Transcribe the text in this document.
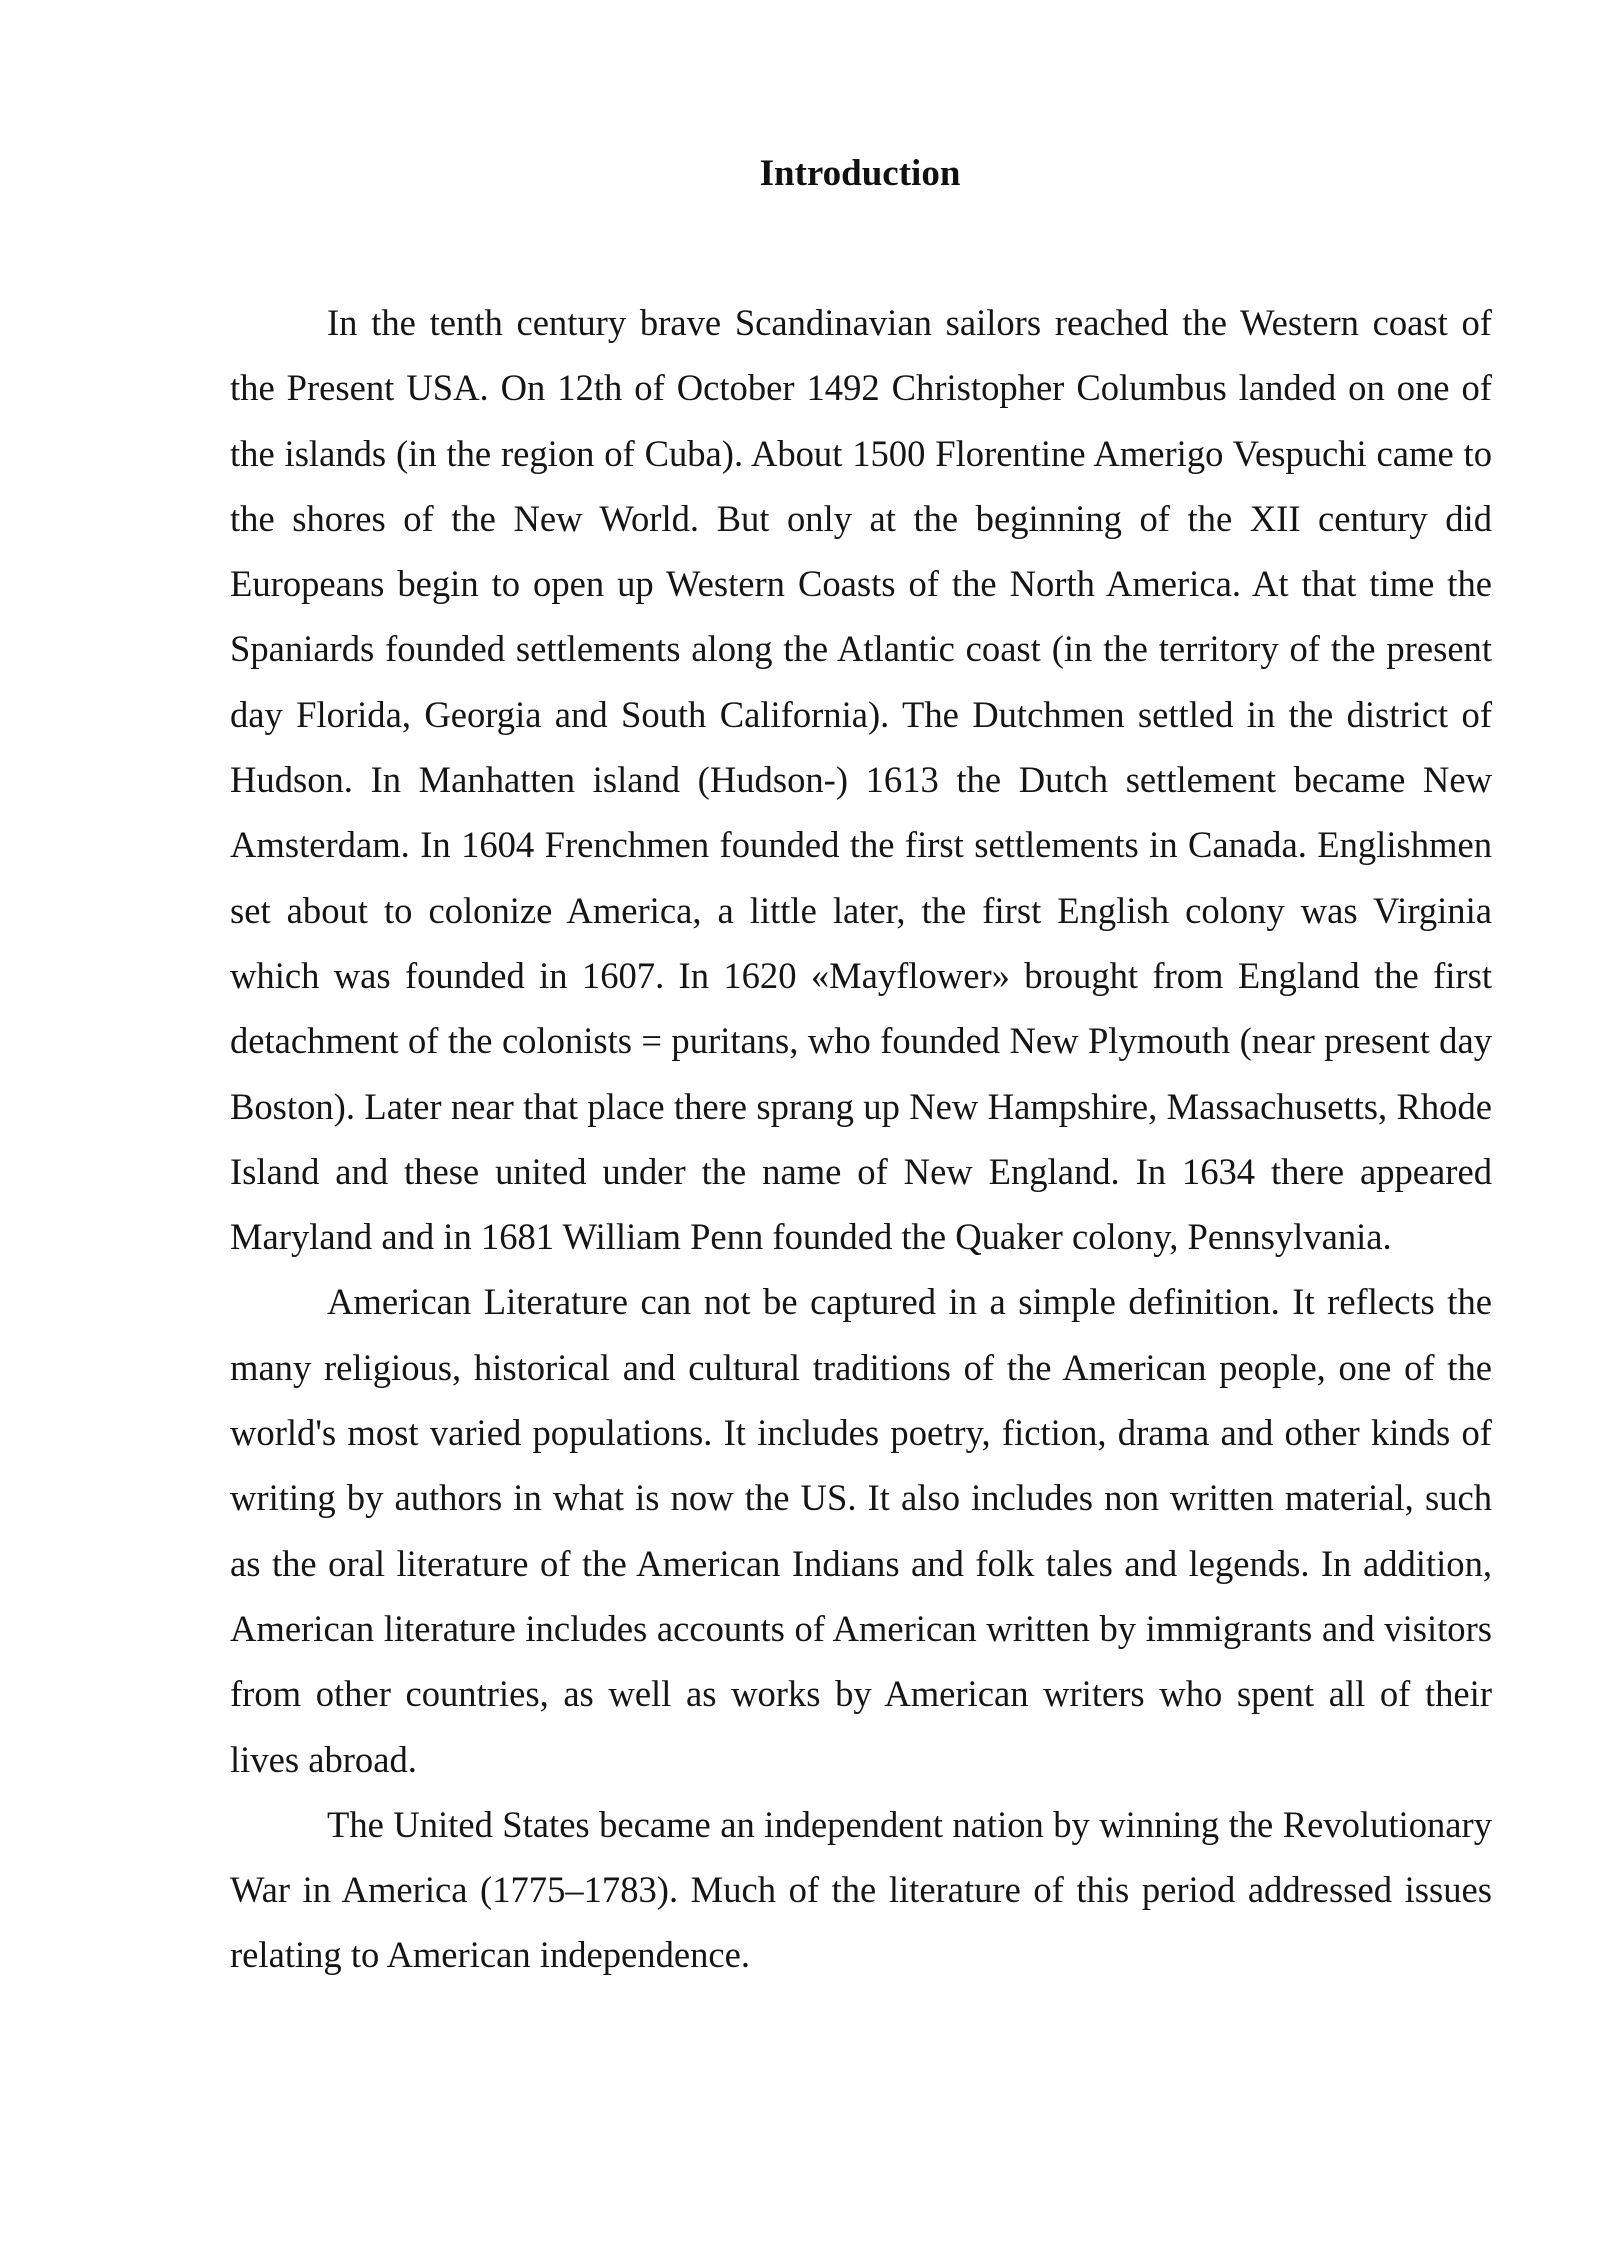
Introduction

In the tenth century brave Scandinavian sailors reached the Western coast of the Present USA. On 12th of October 1492 Christopher Columbus landed on one of the islands (in the region of Cuba). About 1500 Florentine Amerigo Vespuchi came to the shores of the New World. But only at the beginning of the XII century did Europeans begin to open up Western Coasts of the North America. At that time the Spaniards founded settlements along the Atlantic coast (in the territory of the present day Florida, Georgia and South California). The Dutchmen settled in the district of Hudson. In Manhatten island (Hudson-) 1613 the Dutch settlement became New Amsterdam. In 1604 Frenchmen founded the first settlements in Canada. Englishmen set about to colonize America, a little later, the first English colony was Virginia which was founded in 1607. In 1620 «Mayflower» brought from England the first detachment of the colonists = puritans, who founded New Plymouth (near present day Boston). Later near that place there sprang up New Hampshire, Massachusetts, Rhode Island and these united under the name of New England. In 1634 there appeared Maryland and in 1681 William Penn founded the Quaker colony, Pennsylvania.

American Literature can not be captured in a simple definition. It reflects the many religious, historical and cultural traditions of the American people, one of the world's most varied populations. It includes poetry, fiction, drama and other kinds of writing by authors in what is now the US. It also includes non written material, such as the oral literature of the American Indians and folk tales and legends. In addition, American literature includes accounts of American written by immigrants and visitors from other countries, as well as works by American writers who spent all of their lives abroad.

The United States became an independent nation by winning the Revolutionary War in America (1775–1783). Much of the literature of this period addressed issues relating to American independence.
